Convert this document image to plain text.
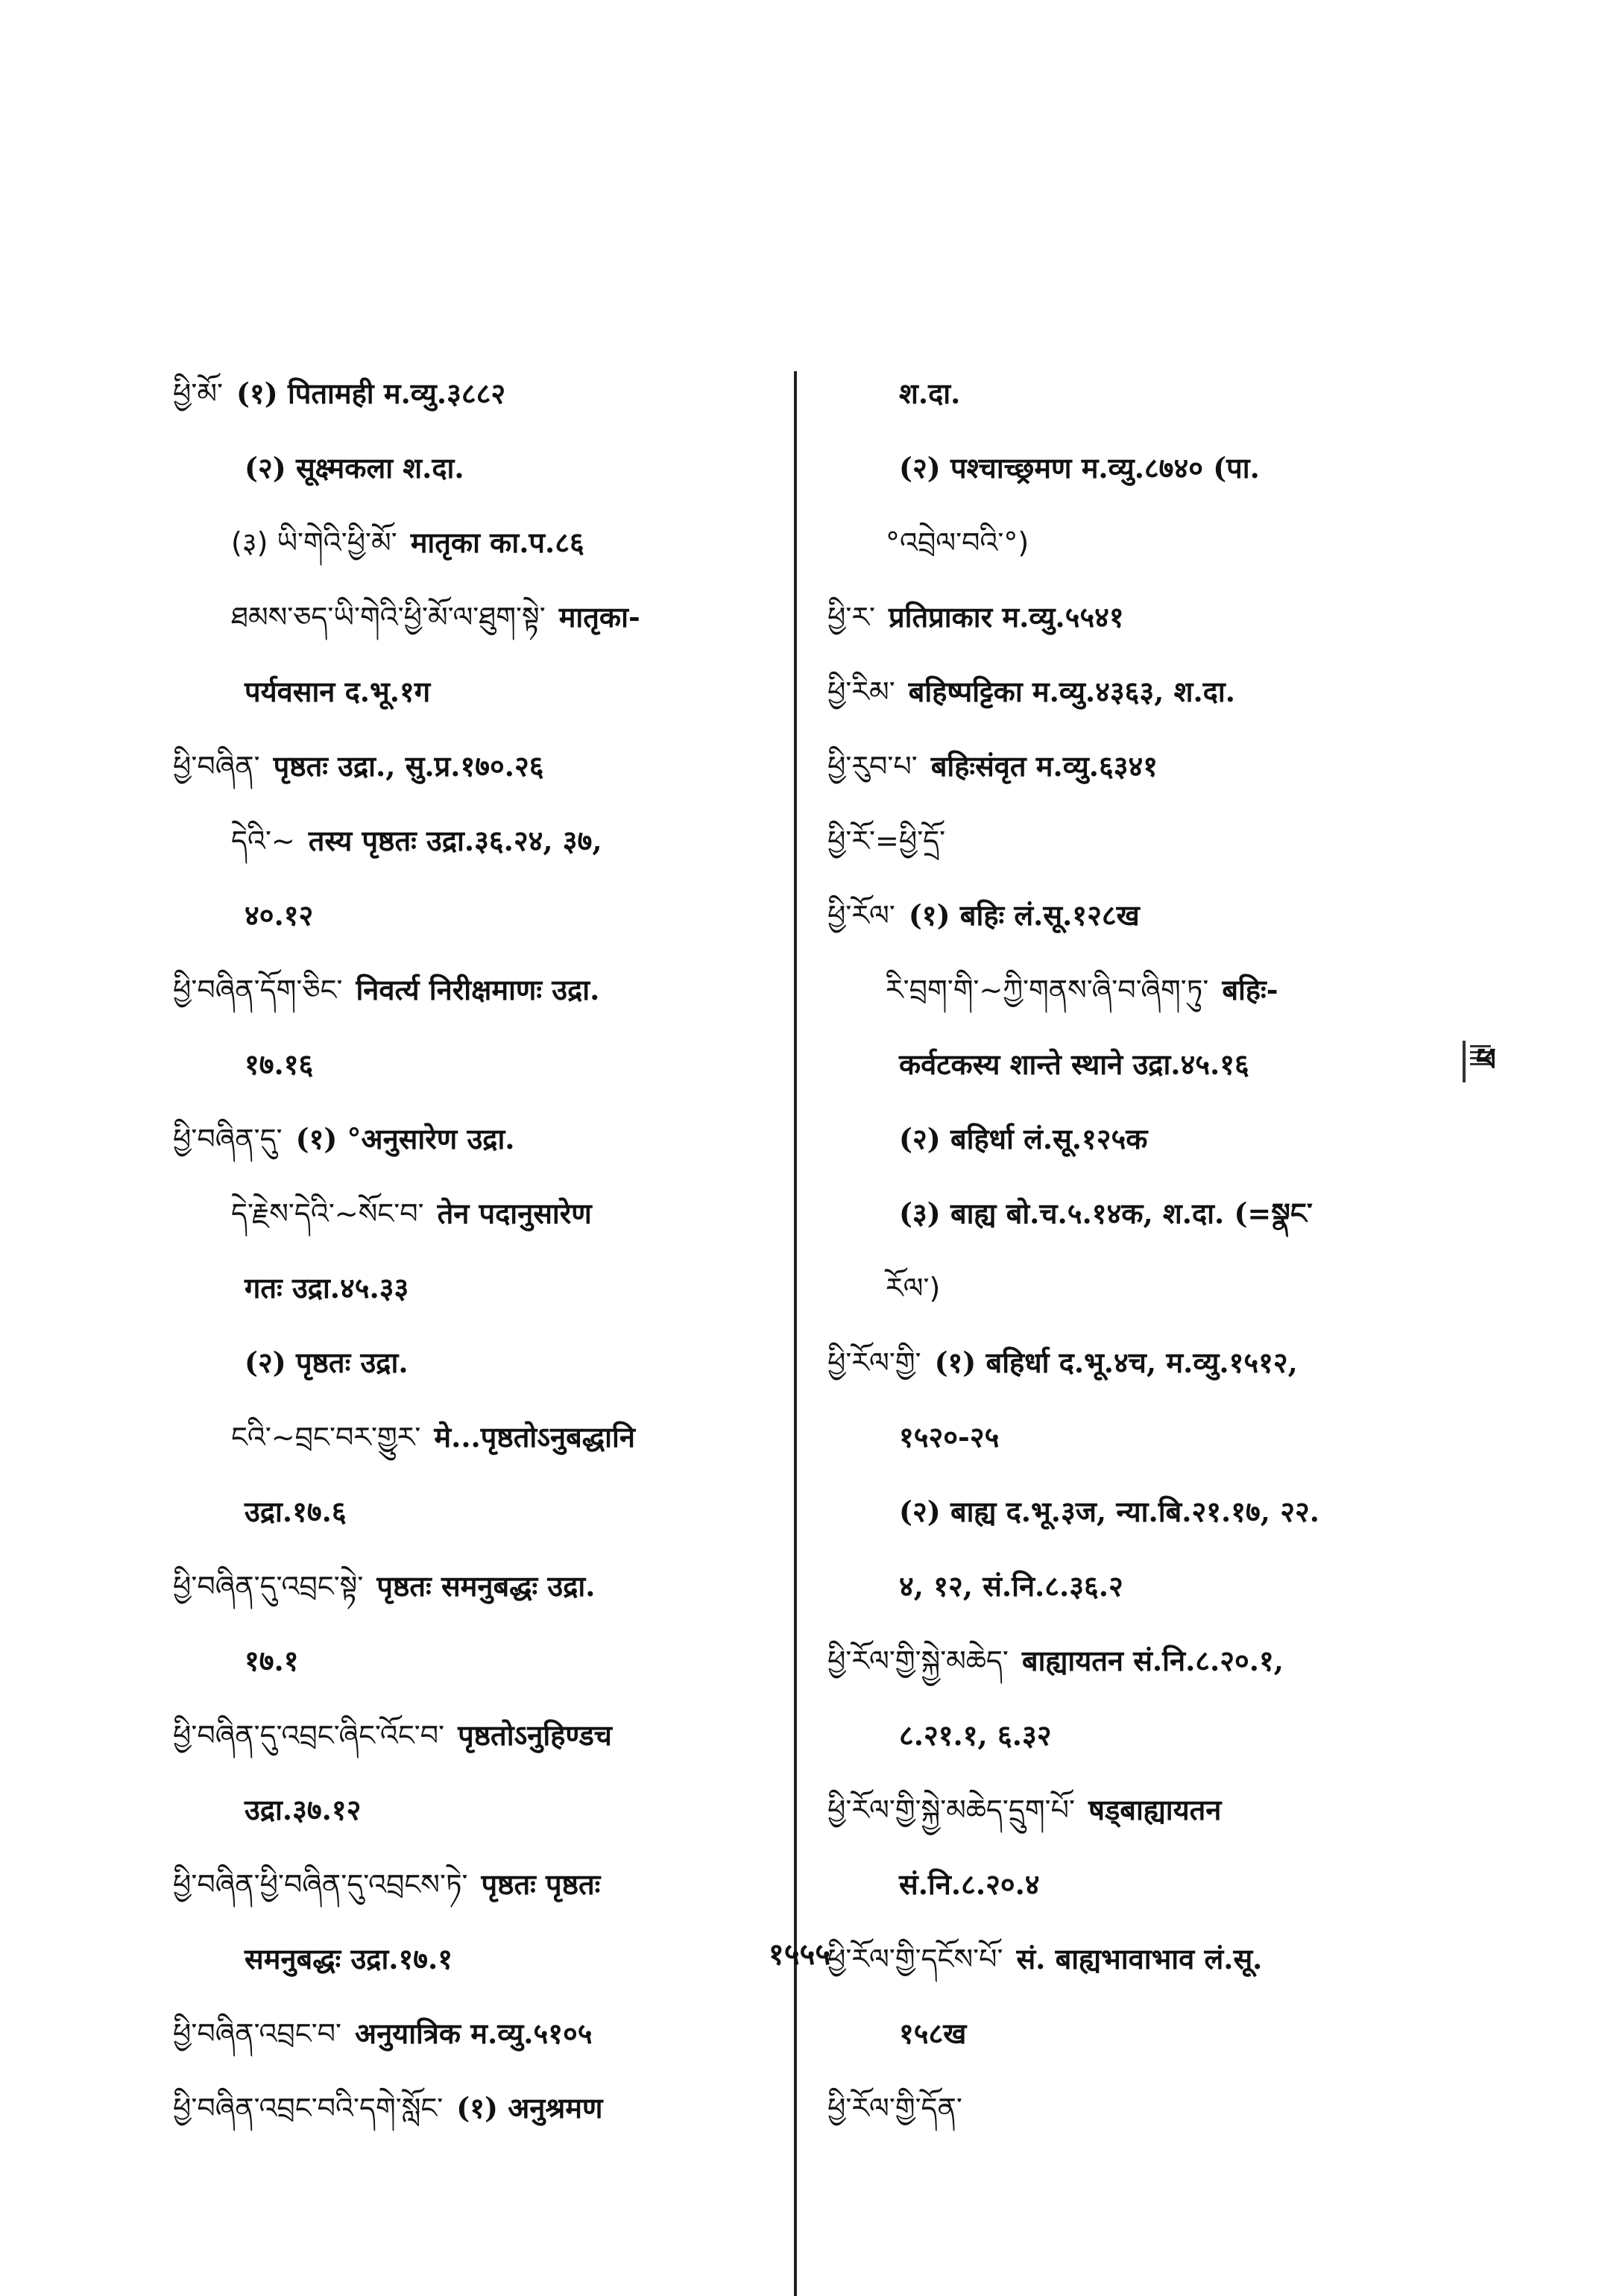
ཕྱི་མོ་ (१) पितामही म.व्यु.३८८२
(२) सूक्ष्मकला श.दा.
(३) ཡི་གེའི་ཕྱི་མོ་ मातृका का.प.८६
ཐམས་ཅད་ཡི་གེའི་ཕྱི་མོ་ལ་ཐུག་སྟེ་ मातृका-
पर्यवसान द.भू.१ग
ཕྱི་བཞིན་ पृष्ठतः उद्रा., सु.प्र.१७०.२६
དེའི་~ तस्य पृष्ठतः उद्रा.३६.२४, ३७,
४०.१२
ཕྱི་བཞིན་དོག་ཅིང་ निवर्त्य निरीक्षमाणः उद्रा.
१७.१६
ཕྱི་བཞིན་དུ་ (१) °अनुसारेण उद्रा.
དེ་རྗེས་དེའི་~སོང་བ་ तेन पदानुसारेण
गतः उद्रा.४५.३३
(२) पृष्ठतः उद्रा.
ངའི་~བྲང་བར་གྱུར་ मे...पृष्ठतोऽनुबद्धानि
उद्रा.१७.६
ཕྱི་བཞིན་དུ་འབྲང་སྟེ་ पृष्ठतः समनुबद्धः उद्रा.
१७.१
ཕྱི་བཞིན་དུ་འབྲང་ཞིང་འོང་བ་ पृष्ठतोऽनुहिण्डच
उद्रा.३७.१२
ཕྱི་བཞིན་ཕྱི་བཞིན་དུ་འབྲངས་ཏེ་ पृष्ठतः पृष्ठतः
समनुबद्धः उद्रा.१७.१
ཕྱི་བཞིན་འབྲང་བ་ अनुयात्रिक म.व्यु.५१०५
ཕྱི་བཞིན་འབྲང་བའི་དགེ་སློང་ (१) अनुश्रमण
श.दा.
(२) पश्चाच्छ्रमण म.व्यु.८७४० (पा.
°འབྲེལ་བའི་°)
ཕྱི་ར་ प्रतिप्राकार म.व्यु.५५४१
ཕྱི་རིམ་ बहिष्पट्टिका म.व्यु.४३६३, श.दा.
ཕྱི་རུབ་པ་ बहिःसंवृत म.व्यु.६३४१
ཕྱི་རོ་=ཕྱི་དྲོ་
ཕྱི་རོལ་ (१) बहिः लं.सू.१२८ख
རི་བྲག་གི་~ཀྱི་གནས་ཞི་བ་ཞིག་ཏུ་ बहिः-
कर्वटकस्य शान्ते स्थाने उद्रा.४५.१६
(२) बहिर्धा लं.सू.१२५क
(३) बाह्य बो.च.५.१४क, श.दा. (=སྣང་
རོལ་)
ཕྱི་རོལ་གྱི་ (१) बहिर्धा द.भू.४च, म.व्यु.१५१२,
१५२०-२५
(२) बाह्य द.भू.३ज, न्या.बि.२१.१७, २२.
४, १२, सं.नि.८.३६.२
ཕྱི་རོལ་གྱི་སྐྱེ་མཆེད་ बाह्यायतन सं.नि.८.२०.१,
८.२१.१, ६.३२
ཕྱི་རོལ་གྱི་སྐྱེ་མཆེད་དྲུག་པོ་ षड्बाह्यायतन
सं.नि.८.२०.४
ཕྱི་རོལ་གྱི་དངོས་པོ་ सं. बाह्यभावाभाव लं.सू.
१५८ख
ཕྱི་རོལ་གྱི་དོན་
ཕ
१५५५
